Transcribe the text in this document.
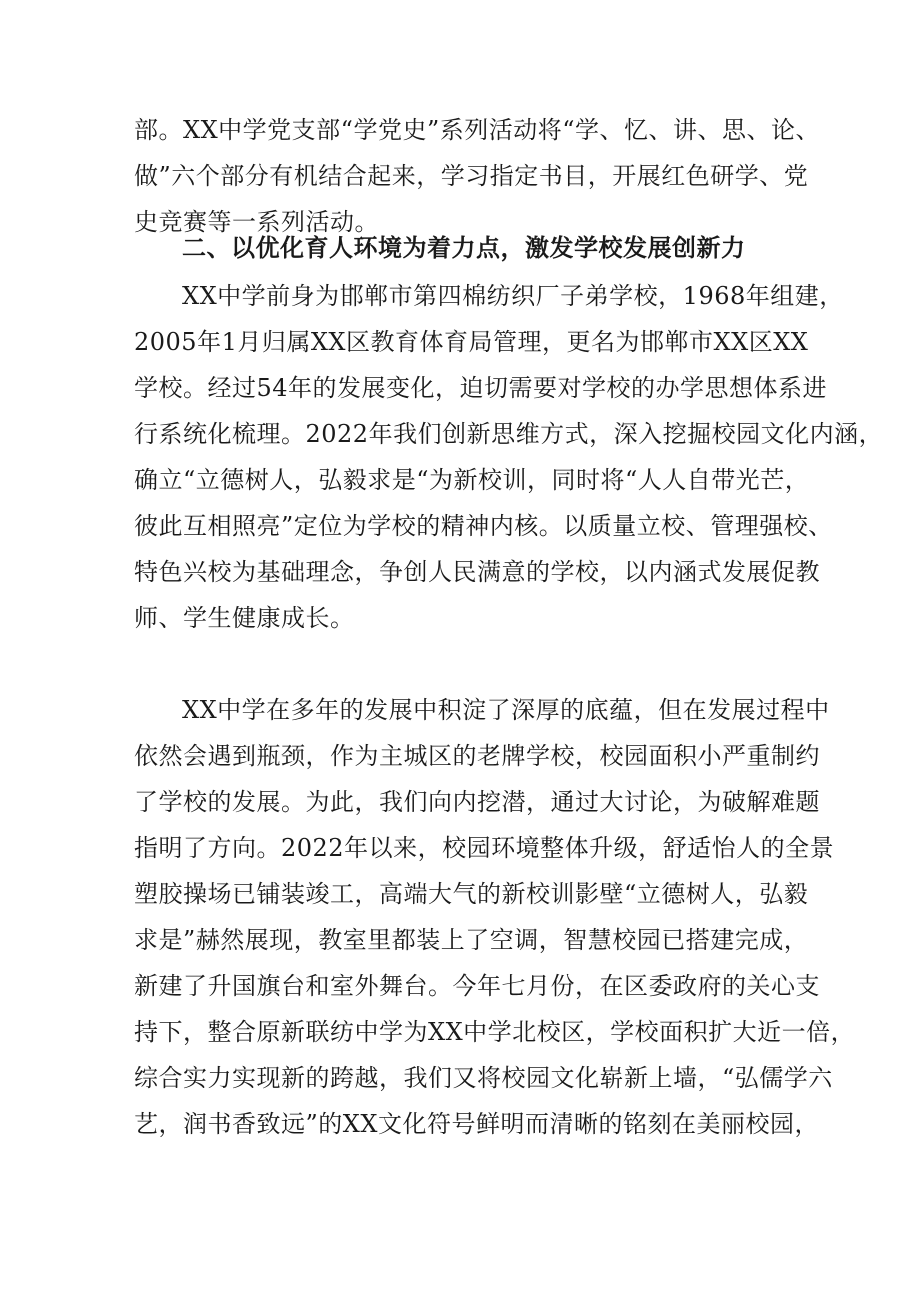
部。XX中学党支部“学党史”系列活动将“学、忆、讲、思、论、
做”六个部分有机结合起来，学习指定书目，开展红色研学、党
史竞赛等一系列活动。
二、以优化育人环境为着力点，激发学校发展创新力
XX中学前身为邯郸市第四棉纺织厂子弟学校，1968年组建，
2005年1月归属XX区教育体育局管理，更名为邯郸市XX区XX
学校。经过54年的发展变化，迫切需要对学校的办学思想体系进
行系统化梳理。2022年我们创新思维方式，深入挖掘校园文化内涵，
确立“立德树人，弘毅求是“为新校训，同时将“人人自带光芒，
彼此互相照亮”定位为学校的精神内核。以质量立校、管理强校、
特色兴校为基础理念，争创人民满意的学校，以内涵式发展促教
师、学生健康成长。
XX中学在多年的发展中积淀了深厚的底蕴，但在发展过程中
依然会遇到瓶颈，作为主城区的老牌学校，校园面积小严重制约
了学校的发展。为此，我们向内挖潜，通过大讨论，为破解难题
指明了方向。2022年以来，校园环境整体升级，舒适怡人的全景
塑胶操场已铺装竣工，高端大气的新校训影壁“立德树人，弘毅
求是”赫然展现，教室里都装上了空调，智慧校园已搭建完成，
新建了升国旗台和室外舞台。今年七月份，在区委政府的关心支
持下，整合原新联纺中学为XX中学北校区，学校面积扩大近一倍，
综合实力实现新的跨越，我们又将校园文化崭新上墙，“弘儒学六
艺，润书香致远”的XX文化符号鲜明而清晰的铭刻在美丽校园，
